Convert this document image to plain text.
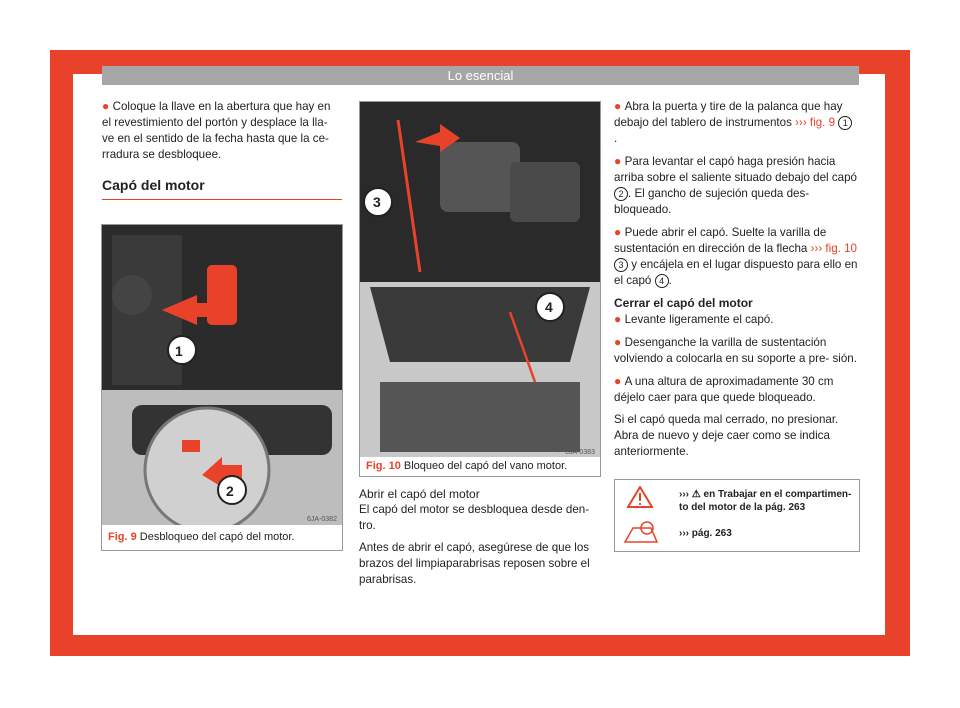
Lo esencial

● Coloque la llave en la abertura que hay en el revestimiento del portón y desplace la lla- ve en el sentido de la fecha hasta que la ce- rradura se desbloquee.

Capó del motor
6JA-0382
1
2
Fig. 9 Desbloqueo del capó del motor.
6JA-0383
3
4
Fig. 10 Bloqueo del capó del vano motor.
Abrir el capó del motor

El capó del motor se desbloquea desde den- tro.

Antes de abrir el capó, asegúrese de que los brazos del limpiaparabrisas reposen sobre el parabrisas.

● Abra la puerta y tire de la palanca que hay debajo del tablero de instrumentos ››› fig. 9 1 .

● Para levantar el capó haga presión hacia arriba sobre el saliente situado debajo del capó 2 . El gancho de sujeción queda des- bloqueado.

● Puede abrir el capó. Suelte la varilla de sustentación en dirección de la flecha ››› fig. 10 3 y encájela en el lugar dispuesto para ello en el capó 4 .

Cerrar el capó del motor

● Levante ligeramente el capó.

● Desenganche la varilla de sustentación volviendo a colocarla en su soporte a pre- sión.

● A una altura de aproximadamente 30 cm déjelo caer para que quede bloqueado.

Si el capó queda mal cerrado, no presionar. Abra de nuevo y deje caer como se indica anteriormente.

››› ⚠ en Trabajar en el compartimen- to del motor de la pág. 263
››› pág. 263
13
